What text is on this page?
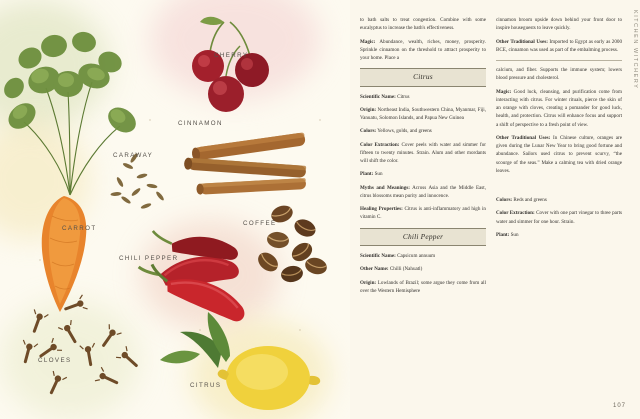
CHERRY
CINNAMON
CARAWAY
COFFEE
CARROT
CHILI PEPPER
CLOVES
CITRUS

to bath salts to treat congestion. Combine with some eucalyptus to increase the bath's effectiveness.

Magic: Abundance, wealth, riches, money, prosperity. Sprinkle cinnamon on the threshold to attract prosperity to your home. Place a

Citrus

Scientific Name: Citrus

Origin: Northeast India, Southwestern China, Myanmar, Fiji, Vanuatu, Solomon Islands, and Papua New Guinea

Colors: Yellows, golds, and greens

Color Extraction: Cover peels with water and simmer for fifteen to twenty minutes. Strain. Alum and other mordants will shift the color.

Plant: Sun

Myths and Meanings: Across Asia and the Middle East, citrus blossoms mean purity and innocence.

Healing Properties: Citrus is anti-inflammatory and high in vitamin C.

Chili Pepper

Scientific Name: Capsicum annuum

Other Name: Chilli (Nahuatl)

Origin: Lowlands of Brazil; some argue they come from all over the Western Hemisphere

cinnamon broom upside down behind your front door to inspire houseguests to leave quickly.

Other Traditional Uses: Imported to Egypt as early as 2000 BCE, cinnamon was used as part of the embalming process.

calcium, and fiber. Supports the immune system; lowers blood pressure and cholesterol.

Magic: Good luck, cleansing, and purification come from interacting with citrus. For winter rituals, pierce the skin of an orange with cloves, creating a pomander for good luck, health, and protection. Citrus will enhance focus and support a shift of perspective to a fresh point of view.

Other Traditional Uses: In Chinese culture, oranges are given during the Lunar New Year to bring good fortune and abundance. Sailors used citrus to prevent scurvy, “the scourge of the seas.” Make a calming tea with dried orange leaves.

Colors: Reds and greens

Color Extraction: Cover with one part vinegar to three parts water and simmer for one hour. Strain.

Plant: Sun

KITCHEN WITCHERY
107
